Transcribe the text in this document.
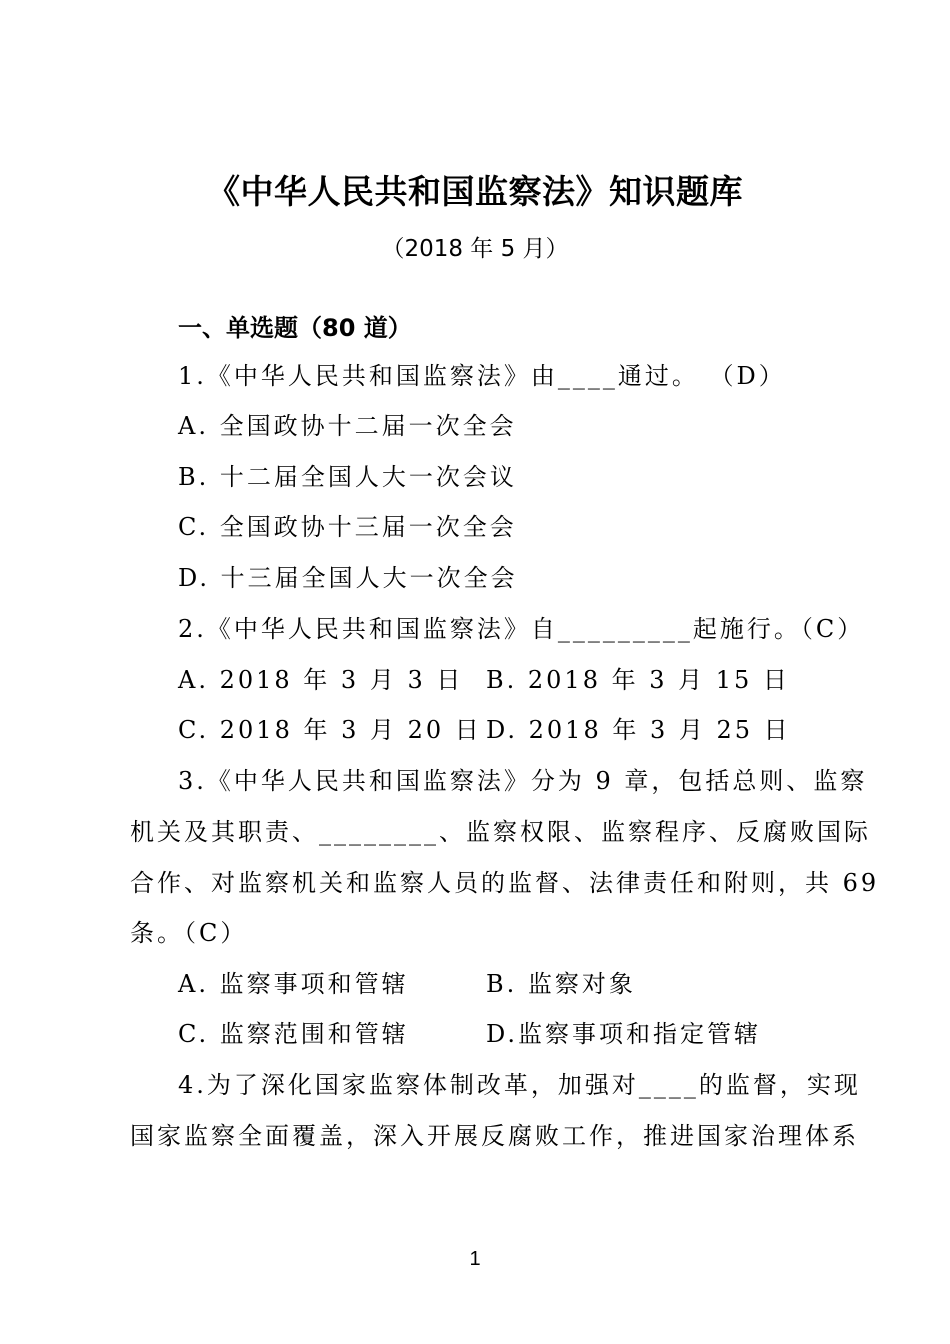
《中华人民共和国监察法》知识题库
（2018 年 5 月）
一、单选题（80 道）
1.《中华人民共和国监察法》由____通过。 （D）
A. 全国政协十二届一次全会
B. 十二届全国人大一次会议
C. 全国政协十三届一次全会
D. 十三届全国人大一次全会
2.《中华人民共和国监察法》自_________起施行。（C）
A. 2018 年 3 月 3 日 B. 2018 年 3 月 15 日
C. 2018 年 3 月 20 日 D. 2018 年 3 月 25 日
3.《中华人民共和国监察法》分为 9 章，包括总则、监察
机关及其职责、________、监察权限、监察程序、反腐败国际
合作、对监察机关和监察人员的监督、法律责任和附则，共 69
条。（C）
A. 监察事项和管辖	B. 监察对象
C. 监察范围和管辖	D.监察事项和指定管辖
4.为了深化国家监察体制改革，加强对____的监督，实现
国家监察全面覆盖，深入开展反腐败工作，推进国家治理体系
1
